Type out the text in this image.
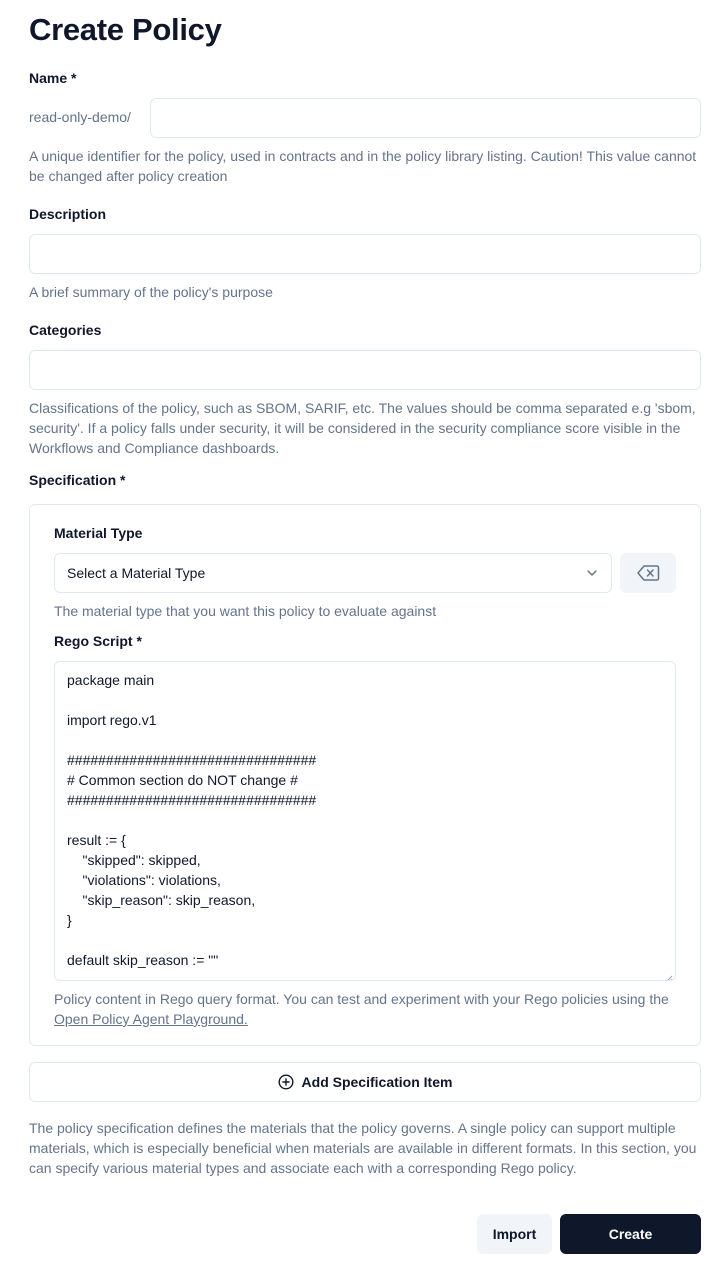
Create Policy
Name *
read-only-demo/
A unique identifier for the policy, used in contracts and in the policy library listing. Caution! This value cannot be changed after policy creation
Description
A brief summary of the policy's purpose
Categories
Classifications of the policy, such as SBOM, SARIF, etc. The values should be comma separated e.g 'sbom, security'. If a policy falls under security, it will be considered in the security compliance score visible in the Workflows and Compliance dashboards.
Specification *
Material Type
Select a Material Type
The material type that you want this policy to evaluate against
Rego Script *
package main

import rego.v1

################################
# Common section do NOT change #
################################

result := {
"skipped": skipped,
"violations": violations,
"skip_reason": skip_reason,
}

default skip_reason := ""
Policy content in Rego query format. You can test and experiment with your Rego policies using the Open Policy Agent Playground.
Add Specification Item
The policy specification defines the materials that the policy governs. A single policy can support multiple materials, which is especially beneficial when materials are available in different formats. In this section, you can specify various material types and associate each with a corresponding Rego policy.
Import	Create
